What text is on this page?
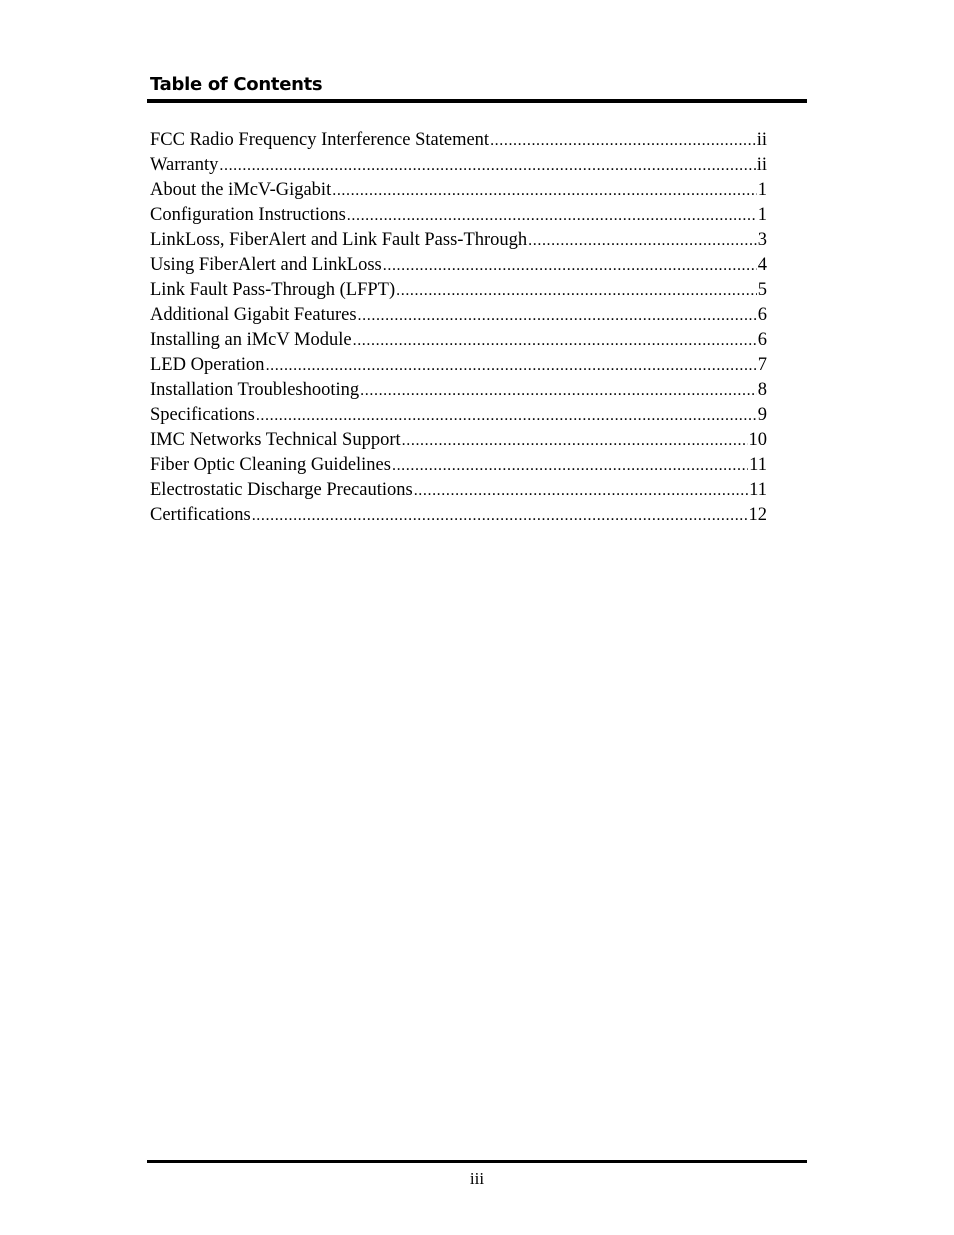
Table of Contents
FCC Radio Frequency Interference Statement .....	ii
Warranty .....	ii
About the iMcV-Gigabit .....	1
Configuration Instructions .....	1
LinkLoss, FiberAlert and Link Fault Pass-Through .....	3
Using FiberAlert and LinkLoss .....	4
Link Fault Pass-Through (LFPT) .....	5
Additional Gigabit Features .....	6
Installing an iMcV Module .....	6
LED Operation .....	7
Installation Troubleshooting .....	8
Specifications .....	9
IMC Networks Technical Support .....	10
Fiber Optic Cleaning Guidelines .....	11
Electrostatic Discharge Precautions .....	11
Certifications .....	12
iii
